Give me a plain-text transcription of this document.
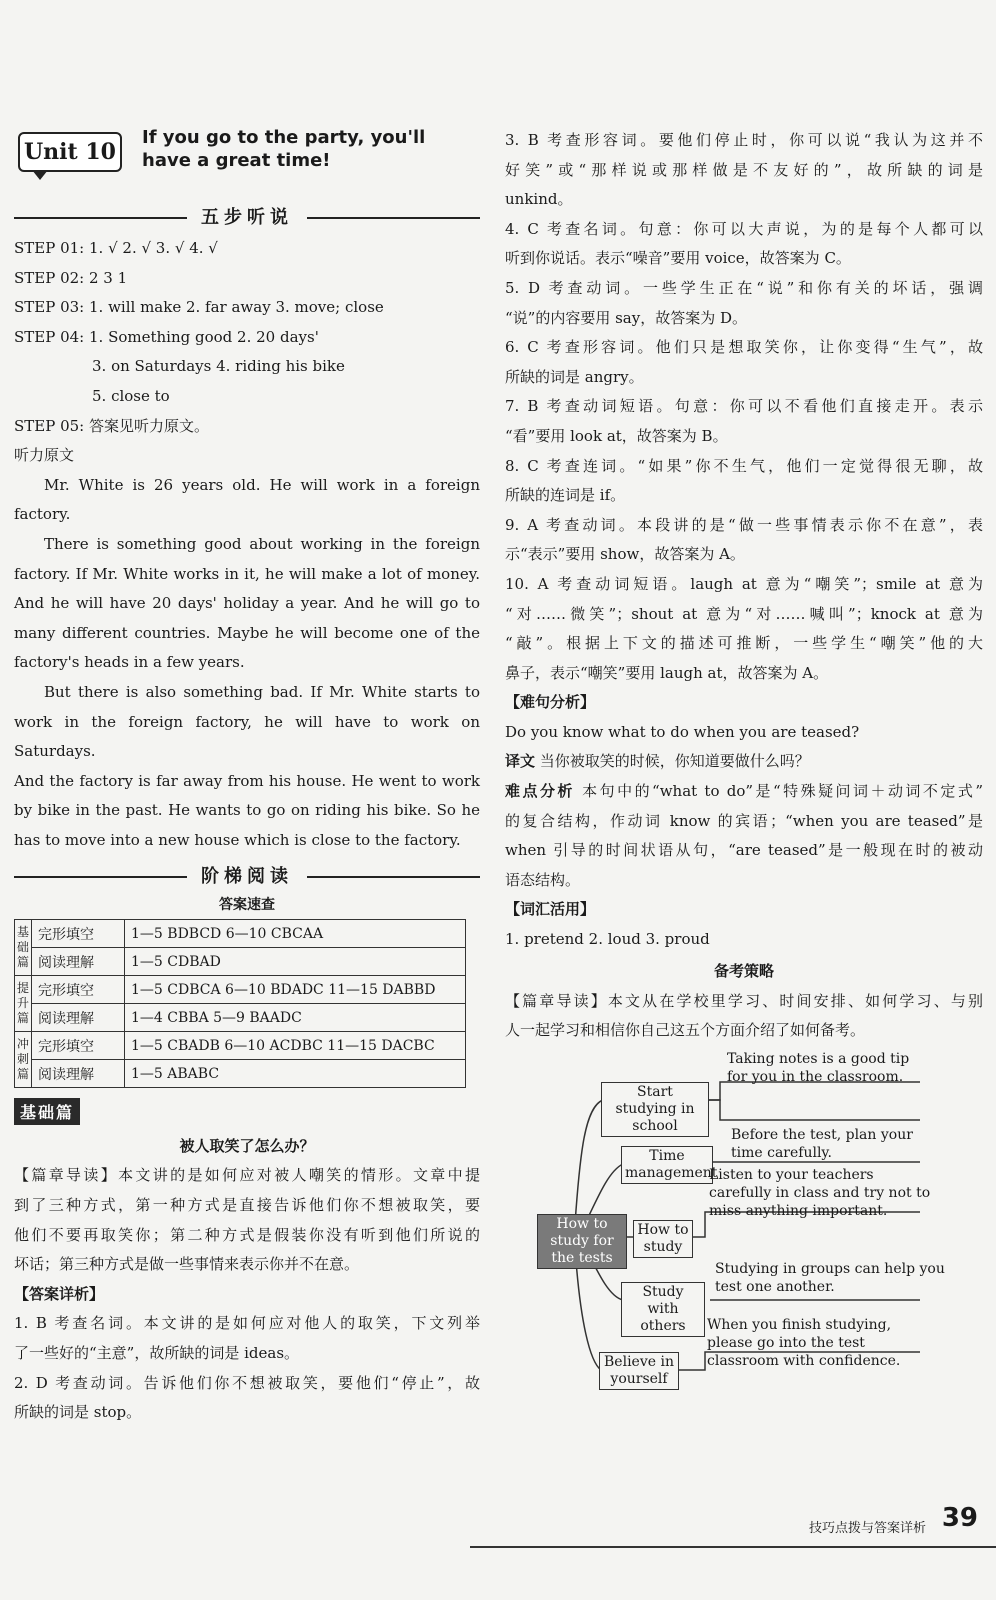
Unit 10
If you go to the party, you'll
have a great time!
五步听说
STEP 01: 1. √ 2. √ 3. √ 4. √
STEP 02: 2 3 1
STEP 03: 1. will make 2. far away 3. move; close
STEP 04: 1. Something good 2. 20 days'
3. on Saturdays 4. riding his bike
5. close to
STEP 05: 答案见听力原文。
听力原文
Mr. White is 26 years old. He will work in a foreign
factory.
There is something good about working in the foreign
factory. If Mr. White works in it, he will make a lot of money.
And he will have 20 days' holiday a year. And he will go to
many different countries. Maybe he will become one of the
factory's heads in a few years.
But there is also something bad. If Mr. White starts to
work in the foreign factory, he will have to work on Saturdays.
And the factory is far away from his house. He went to work
by bike in the past. He wants to go on riding his bike. So he
has to move into a new house which is close to the factory.
阶梯阅读
答案速查
基础篇	完形填空	1—5 BDBCD 6—10 CBCAA
	阅读理解	1—5 CDBAD
提升篇	完形填空	1—5 CDBCA 6—10 BDADC 11—15 DABBD
	阅读理解	1—4 CBBA 5—9 BAADC
冲刺篇	完形填空	1—5 CBADB 6—10 ACDBC 11—15 DACBC
	阅读理解	1—5 ABABC
基础篇
被人取笑了怎么办？
【篇章导读】本文讲的是如何应对被人嘲笑的情形。文章中提
到了三种方式，第一种方式是直接告诉他们你不想被取笑，要
他们不要再取笑你；第二种方式是假装你没有听到他们所说的
坏话；第三种方式是做一些事情来表示你并不在意。
【答案详析】
1. B 考查名词。本文讲的是如何应对他人的取笑，下文列举
了一些好的“主意”，故所缺的词是 ideas。
2. D 考查动词。告诉他们你不想被取笑，要他们“停止”，故
所缺的词是 stop。
3. B 考查形容词。要他们停止时，你可以说“我认为这并不
好笑”或“那样说或那样做是不友好的”，故所缺的词是
unkind。
4. C 考查名词。句意：你可以大声说，为的是每个人都可以
听到你说话。表示“噪音”要用 voice，故答案为 C。
5. D 考查动词。一些学生正在“说”和你有关的坏话，强调
“说”的内容要用 say，故答案为 D。
6. C 考查形容词。他们只是想取笑你，让你变得“生气”，故
所缺的词是 angry。
7. B 考查动词短语。句意：你可以不看他们直接走开。表示
“看”要用 look at，故答案为 B。
8. C 考查连词。“如果”你不生气，他们一定觉得很无聊，故
所缺的连词是 if。
9. A 考查动词。本段讲的是“做一些事情表示你不在意”，表
示“表示”要用 show，故答案为 A。
10. A 考查动词短语。laugh at 意为“嘲笑”；smile at 意为
“对……微笑”；shout at 意为“对……喊叫”；knock at 意为
“敲”。根据上下文的描述可推断，一些学生“嘲笑”他的大
鼻子，表示“嘲笑”要用 laugh at，故答案为 A。
【难句分析】
Do you know what to do when you are teased?
译文 当你被取笑的时候，你知道要做什么吗？
难点分析 本句中的“what to do”是“特殊疑问词＋动词不定式”
的复合结构，作动词 know 的宾语；“when you are teased”是
when 引导的时间状语从句，“are teased”是一般现在时的被动
语态结构。
【词汇活用】
1. pretend 2. loud 3. proud
备考策略
【篇章导读】本文从在学校里学习、时间安排、如何学习、与别
人一起学习和相信你自己这五个方面介绍了如何备考。
How to study for the tests
Start studying in school
Time management
How to study
Study with others
Believe in yourself
Taking notes is a good tip for you in the classroom.
Before the test, plan your time carefully.
Listen to your teachers carefully in class and try not to miss anything important.
Studying in groups can help you test one another.
When you finish studying, please go into the test classroom with confidence.
技巧点拨与答案详析 39
